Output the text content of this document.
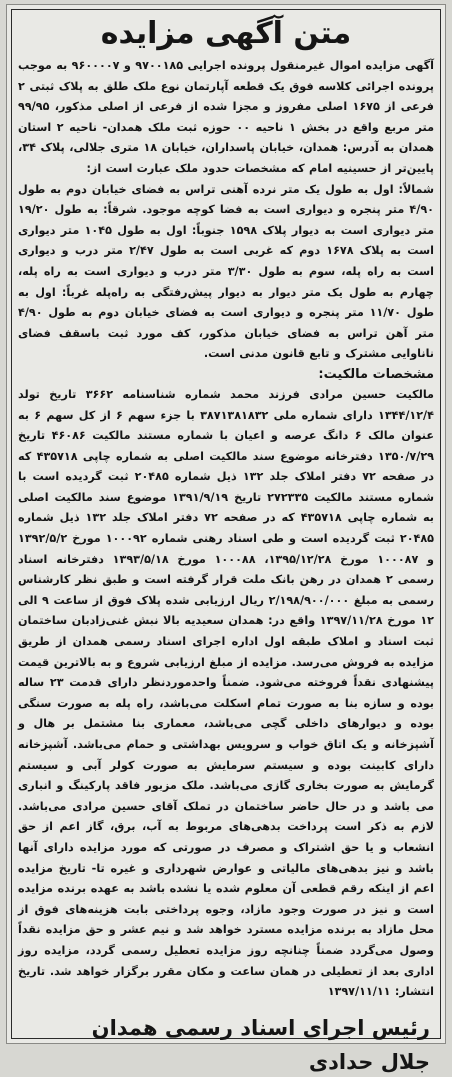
متن آگهی مزایده

آگهی مزایده اموال غیرمنقول پرونده اجرایی ۹۷۰۰۱۸۵ و ۹۶۰۰۰۰۷ به موجب پرونده اجرائی کلاسه فوق یک قطعه آپارتمان نوع ملک طلق به پلاک ثبتی ۲ فرعی از ۱۶۷۵ اصلی مفروز و مجزا شده از فرعی از اصلی مذکور، ۹۹/۹۵ متر مربع واقع در بخش ۱ ناحیه ۰۰ حوزه ثبت ملک همدان- ناحیه ۲ استان همدان به آدرس: همدان، خیابان پاسداران، خیابان ۱۸ متری جلالی، پلاک ۳۴، پایین‌تر از حسینیه امام که مشخصات حدود ملک عبارت است از:

شمالاً: اول به طول یک متر نرده آهنی تراس به فضای خیابان دوم به طول ۴/۹۰ متر پنجره و دیواری است به فضا کوچه موجود. شرقاً: به طول ۱۹/۲۰ متر دیواری است به دیوار پلاک ۱۵۹۸ جنوباً: اول به طول ۱۰۴۵ متر دیواری است به پلاک ۱۶۷۸ دوم که غربی است به طول ۲/۴۷ متر درب و دیواری است به راه پله، سوم به طول ۳/۳۰ متر درب و دیواری است به راه پله، چهارم به طول یک متر دیوار به دیوار پیش‌رفتگی به راه‌پله غرباً: اول به طول ۱۱/۷۰ متر پنجره و دیواری است به فضای خیابان دوم به طول ۴/۹۰ متر آهن تراس به فضای خیابان مذکور، کف مورد ثبت باسقف فضای ناناوایی مشترک و تابع قانون مدنی است.

مشخصات مالکیت:

مالکیت حسین مرادی فرزند محمد شماره شناسنامه ۳۶۶۲ تاریخ تولد ۱۳۴۴/۱۲/۴ دارای شماره ملی ۳۸۷۱۳۸۱۸۳۲ با جزء سهم ۶ از کل سهم ۶ به عنوان مالک ۶ دانگ عرصه و اعیان با شماره مستند مالکیت ۴۶۰۸۶ تاریخ ۱۳۵۰/۷/۲۹ دفترخانه موضوع سند مالکیت اصلی به شماره چاپی ۴۳۵۷۱۸ که در صفحه ۷۲ دفتر املاک جلد ۱۳۲ ذیل شماره ۲۰۴۸۵ ثبت گردیده است با شماره مستند مالکیت ۲۷۲۳۳۵ تاریخ ۱۳۹۱/۹/۱۹ موضوع سند مالکیت اصلی به شماره چاپی ۴۳۵۷۱۸ که در صفحه ۷۲ دفتر املاک جلد ۱۳۲ ذیل شماره ۲۰۴۸۵ ثبت گردیده است و طی اسناد رهنی شماره ۱۰۰۰۹۲ مورخ ۱۳۹۲/۵/۲ و ۱۰۰۰۸۷ مورخ ۱۳۹۵/۱۲/۲۸، ۱۰۰۰۸۸ مورخ ۱۳۹۳/۵/۱۸ دفترخانه اسناد رسمی ۲ همدان در رهن بانک ملت قرار گرفته است و طبق نظر کارشناس رسمی به مبلغ ۲/۱۹۸/۹۰۰/۰۰۰ ریال ارزیابی شده پلاک فوق از ساعت ۹ الی ۱۲ مورخ ۱۳۹۷/۱۱/۲۸ واقع در: همدان سعیدیه بالا نبش غنی‌زادبان ساختمان ثبت اسناد و املاک طبقه اول اداره اجرای اسناد رسمی همدان از طریق مزایده به فروش می‌رسد. مزایده از مبلغ ارزیابی شروع و به بالاترین قیمت پیشنهادی نقداً فروخته می‌شود. ضمناً واحدموردنظر دارای قدمت ۲۳ ساله بوده و سازه بنا به صورت تمام اسکلت می‌باشد، راه پله به صورت سنگی بوده و دیوارهای داخلی گچی می‌باشد، معماری بنا مشتمل بر هال و آشپزخانه و یک اتاق خواب و سرویس بهداشتی و حمام می‌باشد. آشپزخانه دارای کابینت بوده و سیستم سرمایش به صورت کولر آبی و سیستم گرمایش به صورت بخاری گازی می‌باشد. ملک مزبور فاقد پارکینگ و انباری می باشد و در حال حاضر ساختمان در تملک آقای حسین مرادی می‌باشد. لازم به ذکر است پرداخت بدهی‌های مربوط به آب، برق، گاز اعم از حق انشعاب و یا حق اشتراک و مصرف در صورتی که مورد مزایده دارای آنها باشد و نیز بدهی‌های مالیاتی و عوارض شهرداری و غیره تا- تاریخ مزایده اعم از اینکه رقم قطعی آن معلوم شده یا نشده باشد به عهده برنده مزایده است و نیز در صورت وجود مازاد، وجوه پرداختی بابت هزینه‌های فوق از محل مازاد به برنده مزایده مسترد خواهد شد و نیم عشر و حق مزایده نقداً وصول می‌گردد ضمناً چنانچه روز مزایده تعطیل رسمی گردد، مزایده روز اداری بعد از تعطیلی در همان ساعت و مکان مقرر برگزار خواهد شد. تاریخ انتشار: ۱۳۹۷/۱۱/۱۱

رئیس اجرای اسناد رسمی همدان

جلال حدادی
